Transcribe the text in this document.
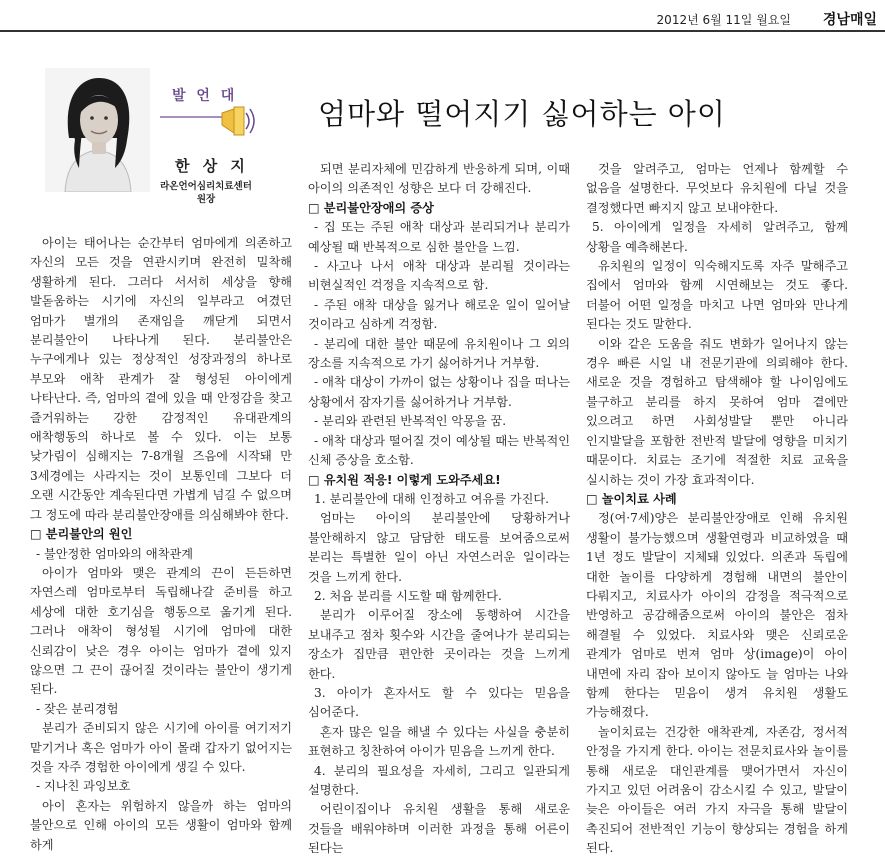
2012년 6월 11일 월요일 경남매일
발 언 대
한 상 지
라온언어심리치료센터
원장
엄마와 떨어지기 싫어하는 아이

아이는 태어나는 순간부터 엄마에게 의존하고 자신의 모든 것을 연관시키며 완전히 밀착해 생활하게 된다. 그러다 서서히 세상을 향해 발돋움하는 시기에 자신의 일부라고 여겼던 엄마가 별개의 존재임을 깨닫게 되면서 분리불안이 나타나게 된다. 분리불안은 누구에게나 있는 정상적인 성장과정의 하나로 부모와 애착 관계가 잘 형성된 아이에게 나타난다. 즉, 엄마의 곁에 있을 때 안정감을 찾고 즐거워하는 강한 감정적인 유대관계의 애착행동의 하나로 볼 수 있다. 이는 보통 낮가림이 심해지는 7-8개월 즈음에 시작돼 만 3세경에는 사라지는 것이 보통인데 그보다 더 오랜 시간동안 계속된다면 가볍게 넘길 수 없으며 그 정도에 따라 분리불안장애를 의심해봐야 한다.

□ 분리불안의 원인

- 불안정한 엄마와의 애착관계

아이가 엄마와 맺은 관계의 끈이 든든하면 자연스레 엄마로부터 독립해나갈 준비를 하고 세상에 대한 호기심을 행동으로 옮기게 된다. 그러나 애착이 형성될 시기에 엄마에 대한 신뢰감이 낮은 경우 아이는 엄마가 곁에 있지 않으면 그 끈이 끊어질 것이라는 불안이 생기게 된다.

- 잦은 분리경험

분리가 준비되지 않은 시기에 아이를 여기저기 맡기거나 혹은 엄마가 아이 몰래 갑자기 없어지는 것을 자주 경험한 아이에게 생길 수 있다.

- 지나친 과잉보호

아이 혼자는 위험하지 않을까 하는 엄마의 불안으로 인해 아이의 모든 생활이 엄마와 함께 하게

되면 분리자체에 민감하게 반응하게 되며, 이때 아이의 의존적인 성향은 보다 더 강해진다.

□ 분리불안장애의 증상

- 집 또는 주된 애착 대상과 분리되거나 분리가 예상될 때 반복적으로 심한 불안을 느낌.

- 사고나 나서 애착 대상과 분리될 것이라는 비현실적인 걱정을 지속적으로 함.

- 주된 애착 대상을 잃거나 해로운 일이 일어날 것이라고 심하게 걱정함.

- 분리에 대한 불안 때문에 유치원이나 그 외의 장소를 지속적으로 가기 싫어하거나 거부함.

- 애착 대상이 가까이 없는 상황이나 집을 떠나는 상황에서 잠자기를 싫어하거나 거부함.

- 분리와 관련된 반복적인 악몽을 꿈.

- 애착 대상과 떨어질 것이 예상될 때는 반복적인 신체 증상을 호소함.

□ 유치원 적응! 이렇게 도와주세요!

1. 분리불안에 대해 인정하고 여유를 가진다.

엄마는 아이의 분리불안에 당황하거나 불안해하지 않고 담담한 태도를 보여줌으로써 분리는 특별한 일이 아닌 자연스러운 일이라는 것을 느끼게 한다.

2. 처음 분리를 시도할 때 함께한다.

분리가 이루어질 장소에 동행하여 시간을 보내주고 점차 횟수와 시간을 줄여나가 분리되는 장소가 집만큼 편안한 곳이라는 것을 느끼게 한다.

3. 아이가 혼자서도 할 수 있다는 믿음을 심어준다.

혼자 많은 일을 해낼 수 있다는 사실을 충분히 표현하고 칭찬하여 아이가 믿음을 느끼게 한다.

4. 분리의 필요성을 자세히, 그리고 일관되게 설명한다.

어린이집이나 유치원 생활을 통해 새로운 것들을 배워야하며 이러한 과정을 통해 어른이 된다는

것을 알려주고, 엄마는 언제나 함께할 수 없음을 설명한다. 무엇보다 유치원에 다닐 것을 결정했다면 빠지지 않고 보내야한다.

5. 아이에게 일정을 자세히 알려주고, 함께 상황을 예측해본다.

유치원의 일정이 익숙해지도록 자주 말해주고 집에서 엄마와 함께 시연해보는 것도 좋다. 더불어 어떤 일정을 마치고 나면 엄마와 만나게 된다는 것도 말한다.

이와 같은 도움을 줘도 변화가 일어나지 않는 경우 빠른 시일 내 전문기관에 의뢰해야 한다. 새로운 것을 경험하고 탐색해야 할 나이임에도 불구하고 분리를 하지 못하여 엄마 곁에만 있으려고 하면 사회성발달 뿐만 아니라 인지발달을 포함한 전반적 발달에 영향을 미치기 때문이다. 치료는 조기에 적절한 치료 교육을 실시하는 것이 가장 효과적이다.

□ 놀이치료 사례

정(여·7세)양은 분리불안장애로 인해 유치원 생활이 불가능했으며 생활연령과 비교하였을 때 1년 정도 발달이 지체돼 있었다. 의존과 독립에 대한 놀이를 다양하게 경험해 내면의 불안이 다뤄지고, 치료사가 아이의 감정을 적극적으로 반영하고 공감해줌으로써 아이의 불안은 점차 해결될 수 있었다. 치료사와 맺은 신뢰로운 관계가 엄마로 번져 엄마 상(image)이 아이 내면에 자리 잡아 보이지 않아도 늘 엄마는 나와 함께 한다는 믿음이 생겨 유치원 생활도 가능해졌다.

놀이치료는 건강한 애착관계, 자존감, 정서적 안정을 가지게 한다. 아이는 전문치료사와 놀이를 통해 새로운 대인관계를 맺어가면서 자신이 가지고 있던 어려움이 감소시킬 수 있고, 발달이 늦은 아이들은 여러 가지 자극을 통해 발달이 촉진되어 전반적인 기능이 향상되는 경험을 하게 된다.
